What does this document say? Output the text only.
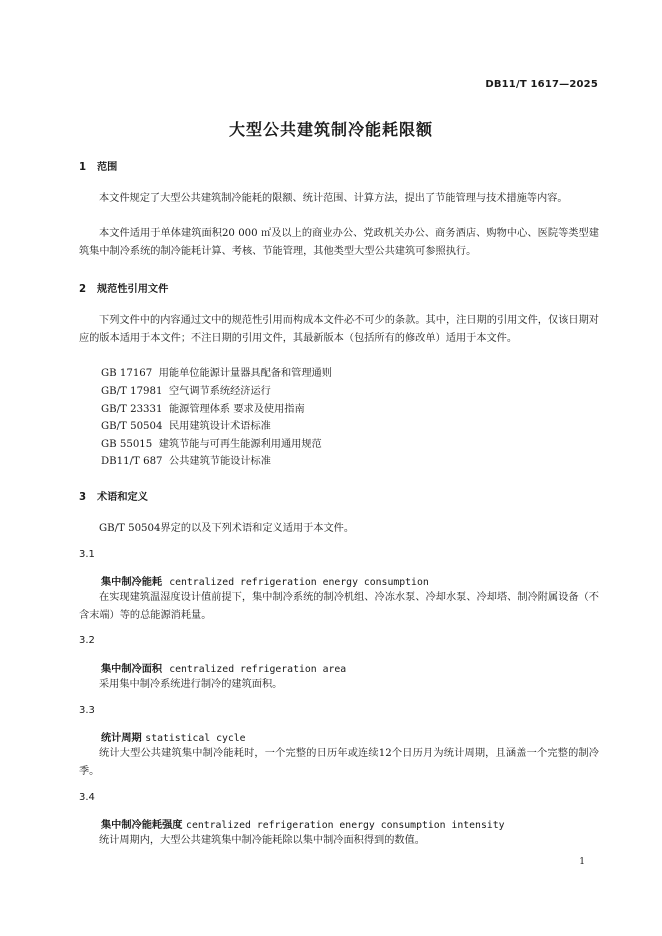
DB11/T 1617—2025
大型公共建筑制冷能耗限额
1 范围
本文件规定了大型公共建筑制冷能耗的限额、统计范围、计算方法，提出了节能管理与技术措施等内容。
本文件适用于单体建筑面积20 000 ㎡及以上的商业办公、党政机关办公、商务酒店、购物中心、医院等类型建筑集中制冷系统的制冷能耗计算、考核、节能管理，其他类型大型公共建筑可参照执行。
2 规范性引用文件
下列文件中的内容通过文中的规范性引用而构成本文件必不可少的条款。其中，注日期的引用文件，仅该日期对应的版本适用于本文件；不注日期的引用文件，其最新版本（包括所有的修改单）适用于本文件。
GB 17167  用能单位能源计量器具配备和管理通则
GB/T 17981  空气调节系统经济运行
GB/T 23331  能源管理体系 要求及使用指南
GB/T 50504  民用建筑设计术语标准
GB 55015  建筑节能与可再生能源利用通用规范
DB11/T 687  公共建筑节能设计标准
3 术语和定义
GB/T 50504界定的以及下列术语和定义适用于本文件。
3.1
集中制冷能耗 centralized refrigeration energy consumption
在实现建筑温湿度设计值前提下，集中制冷系统的制冷机组、冷冻水泵、冷却水泵、冷却塔、制冷附属设备（不含末端）等的总能源消耗量。
3.2
集中制冷面积 centralized refrigeration area
采用集中制冷系统进行制冷的建筑面积。
3.3
统计周期 statistical cycle
统计大型公共建筑集中制冷能耗时，一个完整的日历年或连续12个日历月为统计周期，且涵盖一个完整的制冷季。
3.4
集中制冷能耗强度 centralized refrigeration energy consumption intensity
统计周期内，大型公共建筑集中制冷能耗除以集中制冷面积得到的数值。
1
